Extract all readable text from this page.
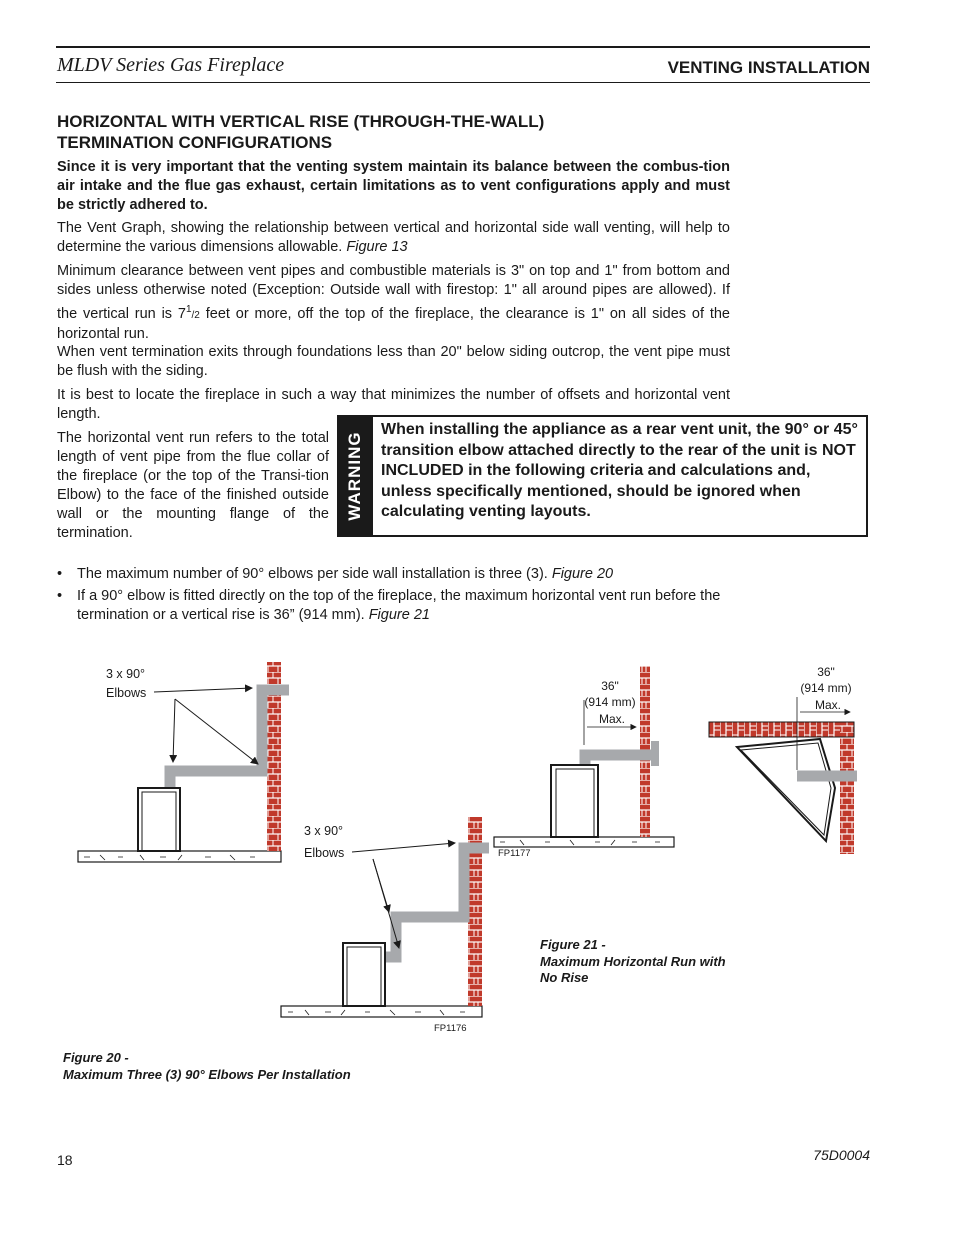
MLDV Series Gas Fireplace	VENTING INSTALLATION
HORIZONTAL WITH VERTICAL RISE (THROUGH-THE-WALL)
TERMINATION CONFIGURATIONS

Since it is very important that the venting system maintain its balance between the combus-tion air intake and the flue gas exhaust, certain limitations as to vent configurations apply and must be strictly adhered to.

The Vent Graph, showing the relationship between vertical and horizontal side wall venting, will help to determine the various dimensions allowable. Figure 13

Minimum clearance between vent pipes and combustible materials is 3" on top and 1" from bottom and sides unless otherwise noted (Exception: Outside wall with firestop: 1" all around pipes are allowed). If the vertical run is $7^1/2$ feet or more, off the top of the fireplace, the clearance is 1" on all sides of the horizontal run.

When vent termination exits through foundations less than 20" below siding outcrop, the vent pipe must be flush with the siding.

It is best to locate the fireplace in such a way that minimizes the number of offsets and horizontal vent length.

The horizontal vent run refers to the total length of vent pipe from the flue collar of the fireplace (or the top of the Transi-tion Elbow) to the face of the finished outside wall or the mounting flange of the termination.

WARNING
When installing the appliance as a rear vent unit, the 90° or 45° transition elbow attached directly to the rear of the unit is NOT INCLUDED in the following criteria and calculations and, unless specifically mentioned, should be ignored when calculating venting layouts.
• The maximum number of 90° elbows per side wall installation is three (3). Figure 20
• If a 90° elbow is fitted directly on the top of the fireplace, the maximum horizontal vent run before the termination or a vertical rise is 36” (914 mm). Figure 21
3 x 90°
Elbows
3 x 90°
Elbows
FP1176
36"
(914 mm)
Max.
FP1177
36"
(914 mm)
Max.
Figure 21 -
Maximum Horizontal Run with
No Rise
Figure 20 -
Maximum Three (3) 90° Elbows Per Installation
18	75D0004
